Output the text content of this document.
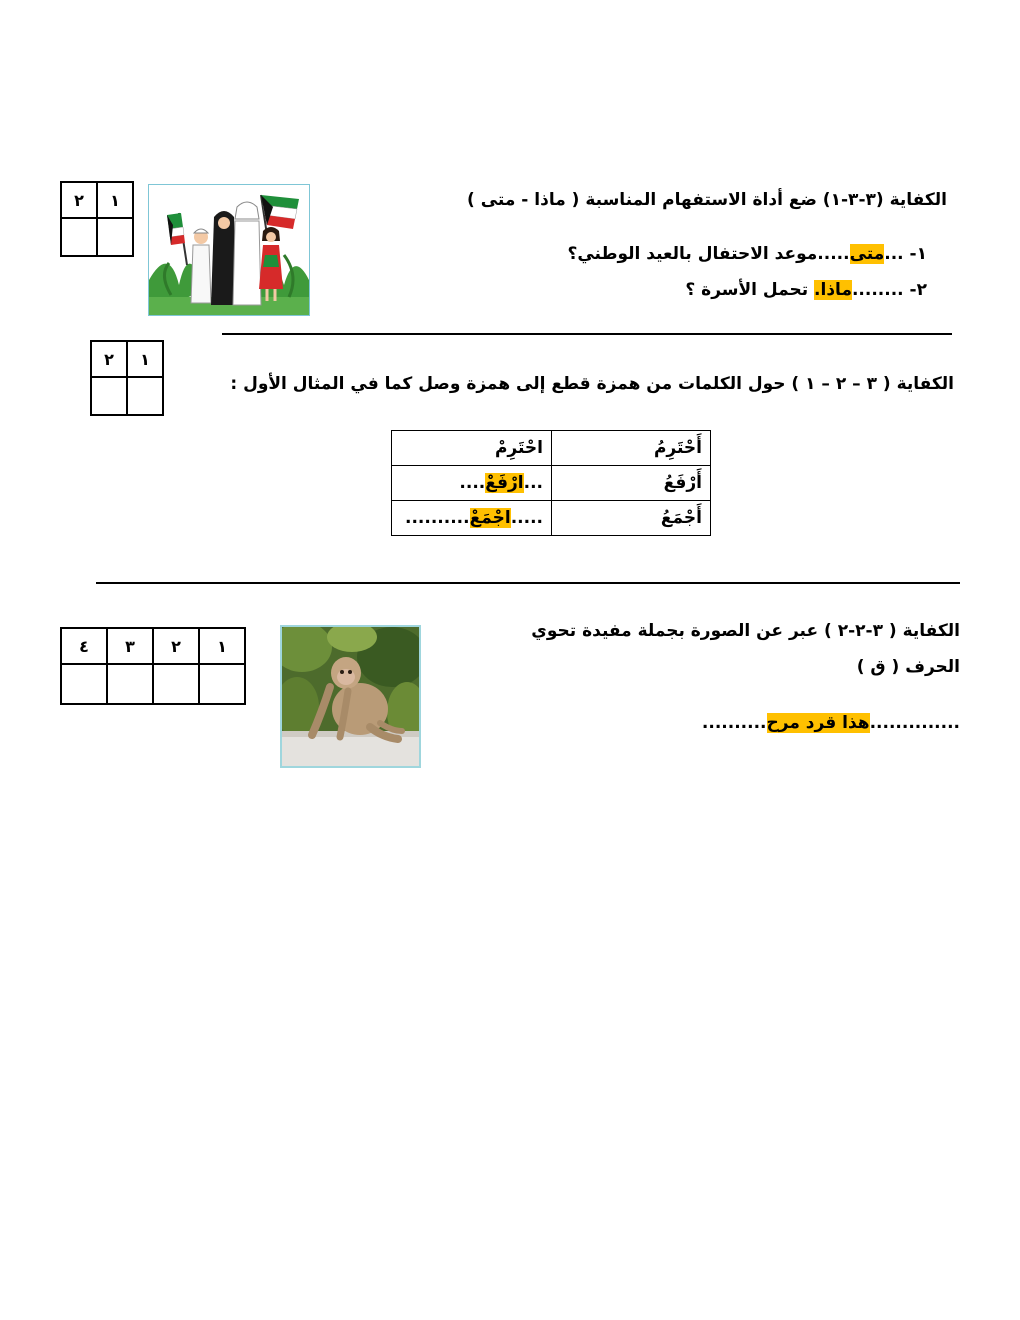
الكفاية (٣-٣-١) ضع أداة الاستفهام المناسبة ( ماذا - متى )
١- ...متى.....موعد الاحتفال بالعيد الوطني؟
٢- ........ماذا. تحمل الأسرة ؟
١	٢

١	٢

الكفاية ( ٣ – ٢ – ١ ) حول الكلمات من همزة قطع إلى همزة وصل كما في المثال الأول :
أَحْتَرِمُ	احْتَرِمْ
أَرْفَعُ	...ارْفَعْ....
أَجْمَعُ	.....اجْمَعْ..........
الكفاية ( ٣-٢-٢ ) عبر عن الصورة بجملة مفيدة تحوي
الحرف ( ق )
..............هذا قرد مرح..........
١	٢	٣	٤
